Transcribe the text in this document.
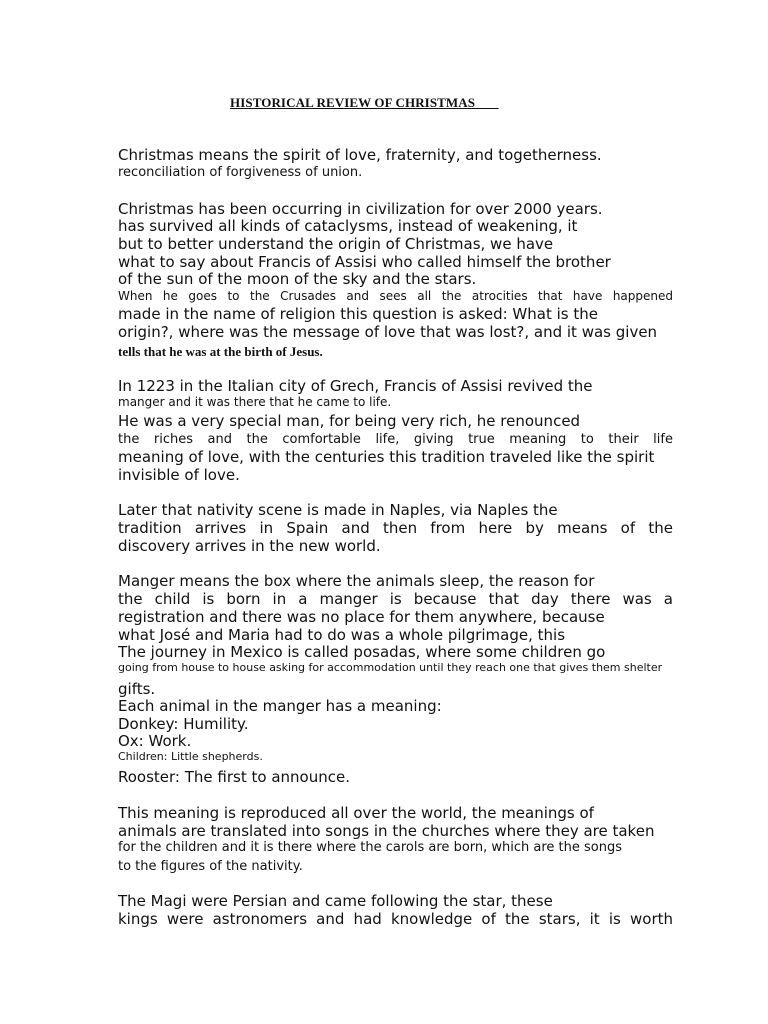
HISTORICAL REVIEW OF CHRISTMAS
Christmas means the spirit of love, fraternity, and togetherness.
reconciliation of forgiveness of union.
Christmas has been occurring in civilization for over 2000 years.
has survived all kinds of cataclysms, instead of weakening, it
but to better understand the origin of Christmas, we have
what to say about Francis of Assisi who called himself the brother
of the sun of the moon of the sky and the stars.
When he goes to the Crusades and sees all the atrocities that have happened
made in the name of religion this question is asked: What is the
origin?, where was the message of love that was lost?, and it was given
tells that he was at the birth of Jesus.
In 1223 in the Italian city of Grech, Francis of Assisi revived the
manger and it was there that he came to life.
He was a very special man, for being very rich, he renounced
the riches and the comfortable life, giving true meaning to their life
meaning of love, with the centuries this tradition traveled like the spirit
invisible of love.
Later that nativity scene is made in Naples, via Naples the
tradition arrives in Spain and then from here by means of the
discovery arrives in the new world.
Manger means the box where the animals sleep, the reason for
the child is born in a manger is because that day there was a
registration and there was no place for them anywhere, because
what José and Maria had to do was a whole pilgrimage, this
The journey in Mexico is called posadas, where some children go
going from house to house asking for accommodation until they reach one that gives them shelter
gifts.
Each animal in the manger has a meaning:
Donkey: Humility.
Ox: Work.
Children: Little shepherds.
Rooster: The first to announce.
This meaning is reproduced all over the world, the meanings of
animals are translated into songs in the churches where they are taken
for the children and it is there where the carols are born, which are the songs
to the figures of the nativity.
The Magi were Persian and came following the star, these
kings were astronomers and had knowledge of the stars, it is worth
